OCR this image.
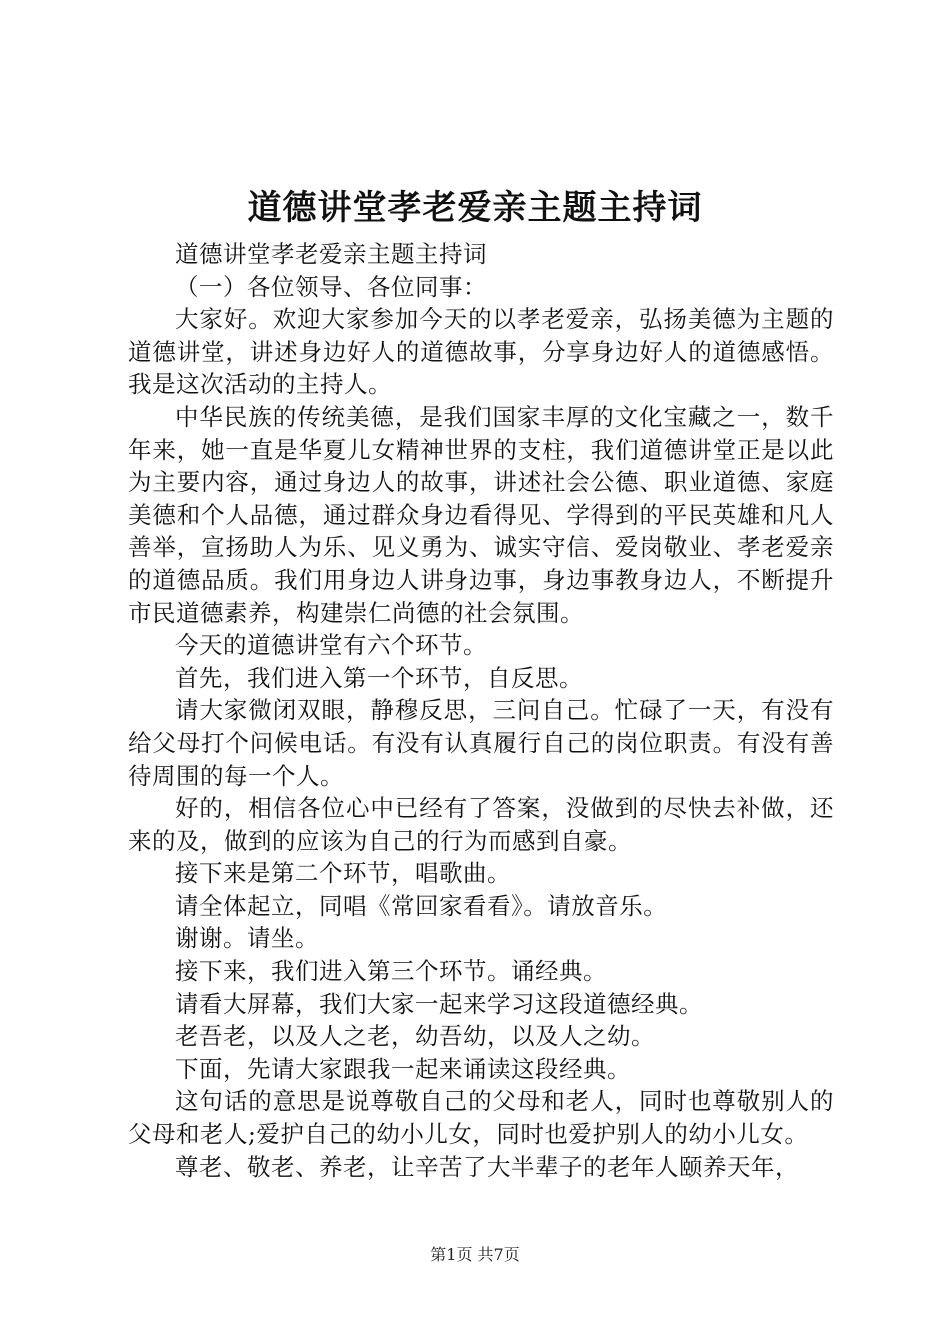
道德讲堂孝老爱亲主题主持词

道德讲堂孝老爱亲主题主持词

（一）各位领导、各位同事：

大家好。欢迎大家参加今天的以孝老爱亲，弘扬美德为主题的道德讲堂，讲述身边好人的道德故事，分享身边好人的道德感悟。我是这次活动的主持人。

中华民族的传统美德，是我们国家丰厚的文化宝藏之一，数千年来，她一直是华夏儿女精神世界的支柱，我们道德讲堂正是以此为主要内容，通过身边人的故事，讲述社会公德、职业道德、家庭美德和个人品德，通过群众身边看得见、学得到的平民英雄和凡人善举，宣扬助人为乐、见义勇为、诚实守信、爱岗敬业、孝老爱亲的道德品质。我们用身边人讲身边事，身边事教身边人，不断提升市民道德素养，构建崇仁尚德的社会氛围。

今天的道德讲堂有六个环节。

首先，我们进入第一个环节，自反思。

请大家微闭双眼，静穆反思，三问自己。忙碌了一天，有没有给父母打个问候电话。有没有认真履行自己的岗位职责。有没有善待周围的每一个人。

好的，相信各位心中已经有了答案，没做到的尽快去补做，还来的及，做到的应该为自己的行为而感到自豪。

接下来是第二个环节，唱歌曲。

请全体起立，同唱《常回家看看》。请放音乐。

谢谢。请坐。

接下来，我们进入第三个环节。诵经典。

请看大屏幕，我们大家一起来学习这段道德经典。

老吾老，以及人之老，幼吾幼，以及人之幼。

下面，先请大家跟我一起来诵读这段经典。

这句话的意思是说尊敬自己的父母和老人，同时也尊敬别人的父母和老人;爱护自己的幼小儿女，同时也爱护别人的幼小儿女。

尊老、敬老、养老，让辛苦了大半辈子的老年人颐养天年，

第1页 共7页
